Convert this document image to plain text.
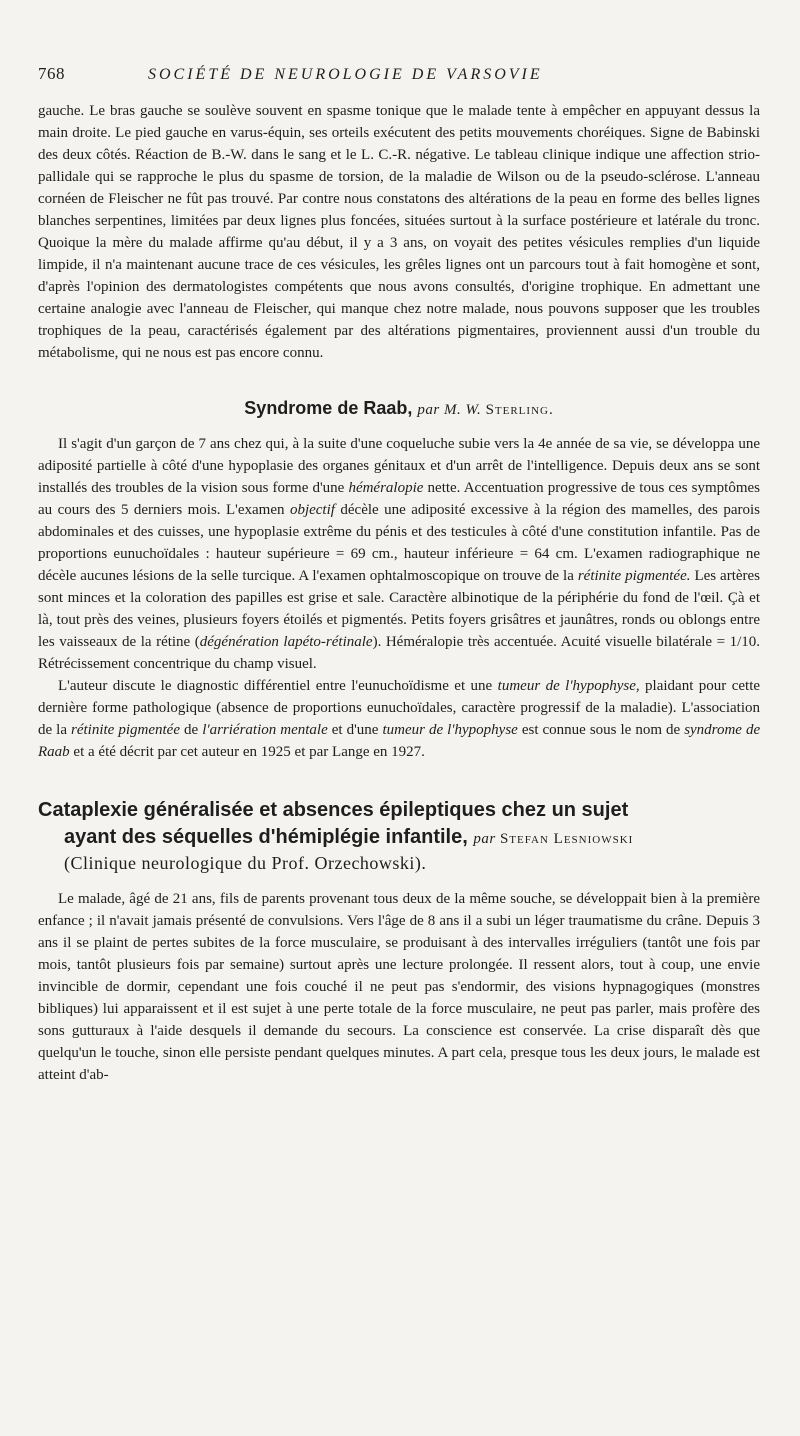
768	SOCIÉTÉ DE NEUROLOGIE DE VARSOVIE

gauche. Le bras gauche se soulève souvent en spasme tonique que le malade tente à empêcher en appuyant dessus la main droite. Le pied gauche en varus-équin, ses orteils exécutent des petits mouvements choréiques. Signe de Babinski des deux côtés. Réaction de B.-W. dans le sang et le L. C.-R. négative. Le tableau clinique indique une affection strio-pallidale qui se rapproche le plus du spasme de torsion, de la maladie de Wilson ou de la pseudo-sclérose. L'anneau cornéen de Fleischer ne fût pas trouvé. Par contre nous constatons des altérations de la peau en forme des belles lignes blanches serpentines, limitées par deux lignes plus foncées, situées surtout à la surface postérieure et latérale du tronc. Quoique la mère du malade affirme qu'au début, il y a 3 ans, on voyait des petites vésicules remplies d'un liquide limpide, il n'a maintenant aucune trace de ces vésicules, les grêles lignes ont un parcours tout à fait homogène et sont, d'après l'opinion des dermatologistes compétents que nous avons consultés, d'origine trophique. En admettant une certaine analogie avec l'anneau de Fleischer, qui manque chez notre malade, nous pouvons supposer que les troubles trophiques de la peau, caractérisés également par des altérations pigmentaires, proviennent aussi d'un trouble du métabolisme, qui ne nous est pas encore connu.

Syndrome de Raab, par M. W. Sterling.

Il s'agit d'un garçon de 7 ans chez qui, à la suite d'une coqueluche subie vers la 4e année de sa vie, se développa une adiposité partielle à côté d'une hypoplasie des organes génitaux et d'un arrêt de l'intelligence. Depuis deux ans se sont installés des troubles de la vision sous forme d'une héméralopie nette. Accentuation progressive de tous ces symptômes au cours des 5 derniers mois. L'examen objectif décèle une adiposité excessive à la région des mamelles, des parois abdominales et des cuisses, une hypoplasie extrême du pénis et des testicules à côté d'une constitution infantile. Pas de proportions eunuchoïdales : hauteur supérieure = 69 cm., hauteur inférieure = 64 cm. L'examen radiographique ne décèle aucunes lésions de la selle turcique. A l'examen ophtalmoscopique on trouve de la rétinite pigmentée. Les artères sont minces et la coloration des papilles est grise et sale. Caractère albinotique de la périphérie du fond de l'œil. Çà et là, tout près des veines, plusieurs foyers étoilés et pigmentés. Petits foyers grisâtres et jaunâtres, ronds ou oblongs entre les vaisseaux de la rétine (dégénération lapéto-rétinale). Héméralopie très accentuée. Acuité visuelle bilatérale = 1/10. Rétrécissement concentrique du champ visuel.

L'auteur discute le diagnostic différentiel entre l'eunuchoïdisme et une tumeur de l'hypophyse, plaidant pour cette dernière forme pathologique (absence de proportions eunuchoïdales, caractère progressif de la maladie). L'association de la rétinite pigmentée de l'arriération mentale et d'une tumeur de l'hypophyse est connue sous le nom de syndrome de Raab et a été décrit par cet auteur en 1925 et par Lange en 1927.

Cataplexie généralisée et absences épileptiques chez un sujet
ayant des séquelles d'hémiplégie infantile, par Stefan Lesniowski
(Clinique neurologique du Prof. Orzechowski).

Le malade, âgé de 21 ans, fils de parents provenant tous deux de la même souche, se développait bien à la première enfance ; il n'avait jamais présenté de convulsions. Vers l'âge de 8 ans il a subi un léger traumatisme du crâne. Depuis 3 ans il se plaint de pertes subites de la force musculaire, se produisant à des intervalles irréguliers (tantôt une fois par mois, tantôt plusieurs fois par semaine) surtout après une lecture prolongée. Il ressent alors, tout à coup, une envie invincible de dormir, cependant une fois couché il ne peut pas s'endormir, des visions hypnagogiques (monstres bibliques) lui apparaissent et il est sujet à une perte totale de la force musculaire, ne peut pas parler, mais profère des sons gutturaux à l'aide desquels il demande du secours. La conscience est conservée. La crise disparaît dès que quelqu'un le touche, sinon elle persiste pendant quelques minutes. A part cela, presque tous les deux jours, le malade est atteint d'ab-
